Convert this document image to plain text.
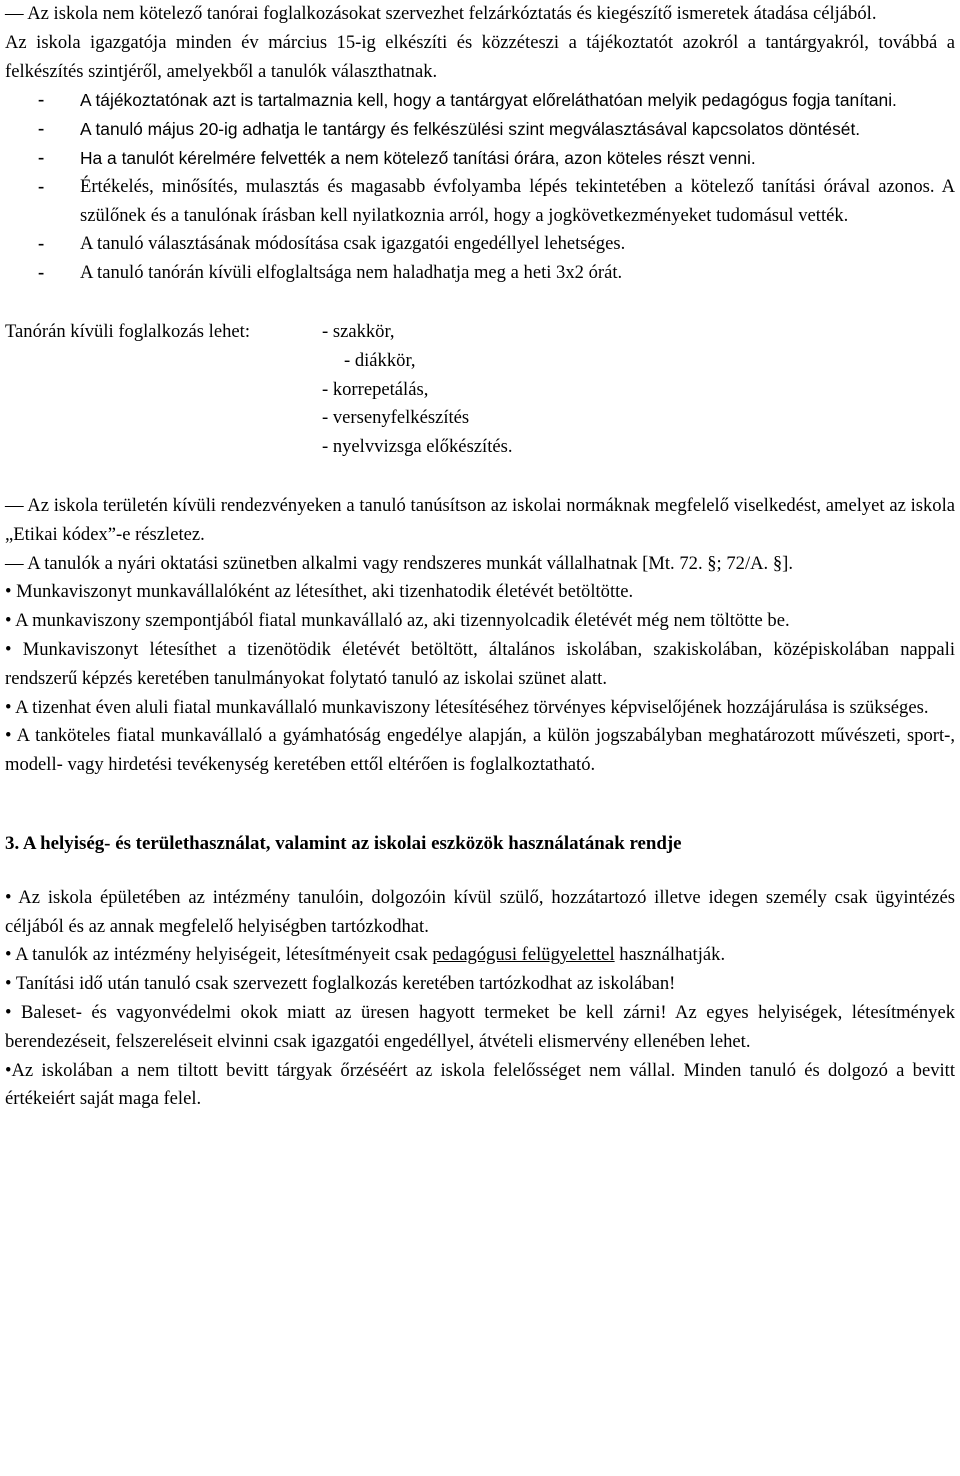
— Az iskola nem kötelező tanórai foglalkozásokat szervezhet felzárkóztatás és kiegészítő ismeretek átadása céljából.

Az iskola igazgatója minden év március 15-ig elkészíti és közzéteszi a tájékoztatót azokról a tantárgyakról, továbbá a felkészítés szintjéről, amelyekből a tanulók választhatnak.

-	A tájékoztatónak azt is tartalmaznia kell, hogy a tantárgyat előreláthatóan melyik pedagógus fogja tanítani.
-	A tanuló május 20-ig adhatja le tantárgy és felkészülési szint megválasztásával kapcsolatos döntését.
-	Ha a tanulót kérelmére felvették a nem kötelező tanítási órára, azon köteles részt venni.
-	Értékelés, minősítés, mulasztás és magasabb évfolyamba lépés tekintetében a kötelező tanítási órával azonos. A szülőnek és a tanulónak írásban kell nyilatkoznia arról, hogy a jogkövetkezményeket tudomásul vették.
-	A tanuló választásának módosítása csak igazgatói engedéllyel lehetséges.
-	A tanuló tanórán kívüli elfoglaltsága nem haladhatja meg a heti 3x2 órát.
Tanórán kívüli foglalkozás lehet:	- szakkör,
- diákkör,
- korrepetálás,
- versenyfelkészítés
- nyelvvizsga előkészítés.

— Az iskola területén kívüli rendezvényeken a tanuló tanúsítson az iskolai normáknak megfelelő viselkedést, amelyet az iskola „Etikai kódex”-e részletez.

— A tanulók a nyári oktatási szünetben alkalmi vagy rendszeres munkát vállalhatnak [Mt. 72. §; 72/A. §].

• Munkaviszonyt munkavállalóként az létesíthet, aki tizenhatodik életévét betöltötte.

• A munkaviszony szempontjából fiatal munkavállaló az, aki tizennyolcadik életévét még nem töltötte be.

• Munkaviszonyt létesíthet a tizenötödik életévét betöltött, általános iskolában, szakiskolában, középiskolában nappali rendszerű képzés keretében tanulmányokat folytató tanuló az iskolai szünet alatt.

• A tizenhat éven aluli fiatal munkavállaló munkaviszony létesítéséhez törvényes képviselőjének hozzájárulása is szükséges.

• A tanköteles fiatal munkavállaló a gyámhatóság engedélye alapján, a külön jogszabályban meghatározott művészeti, sport-, modell- vagy hirdetési tevékenység keretében ettől eltérően is foglalkoztatható.

3. A helyiség- és területhasználat, valamint az iskolai eszközök használatának rendje

• Az iskola épületében az intézmény tanulóin, dolgozóin kívül szülő, hozzátartozó illetve idegen személy csak ügyintézés céljából és az annak megfelelő helyiségben tartózkodhat.

• A tanulók az intézmény helyiségeit, létesítményeit csak pedagógusi felügyelettel használhatják.

• Tanítási idő után tanuló csak szervezett foglalkozás keretében tartózkodhat az iskolában!

• Baleset- és vagyonvédelmi okok miatt az üresen hagyott termeket be kell zárni! Az egyes helyiségek, létesítmények berendezéseit, felszereléseit elvinni csak igazgatói engedéllyel, átvételi elismervény ellenében lehet.

•Az iskolában a nem tiltott bevitt tárgyak őrzéséért az iskola felelősséget nem vállal. Minden tanuló és dolgozó a bevitt értékeiért saját maga felel.
